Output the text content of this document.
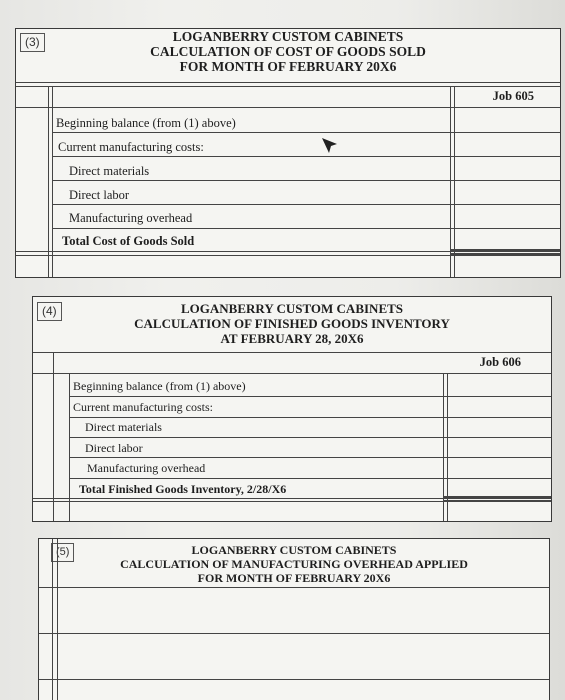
(3)	LOGANBERRY CUSTOM CABINETS
CALCULATION OF COST OF GOODS SOLD
FOR MONTH OF FEBRUARY 20X6
Job 605
Beginning balance (from (1) above)
Current manufacturing costs:
Direct materials
Direct labor
Manufacturing overhead
Total Cost of Goods Sold
(4)	LOGANBERRY CUSTOM CABINETS
CALCULATION OF FINISHED GOODS INVENTORY
AT FEBRUARY 28, 20X6
Job 606
Beginning balance (from (1) above)
Current manufacturing costs:
Direct materials
Direct labor
Manufacturing overhead
Total Finished Goods Inventory, 2/28/X6
(5)	LOGANBERRY CUSTOM CABINETS
CALCULATION OF MANUFACTURING OVERHEAD APPLIED
FOR MONTH OF FEBRUARY 20X6
